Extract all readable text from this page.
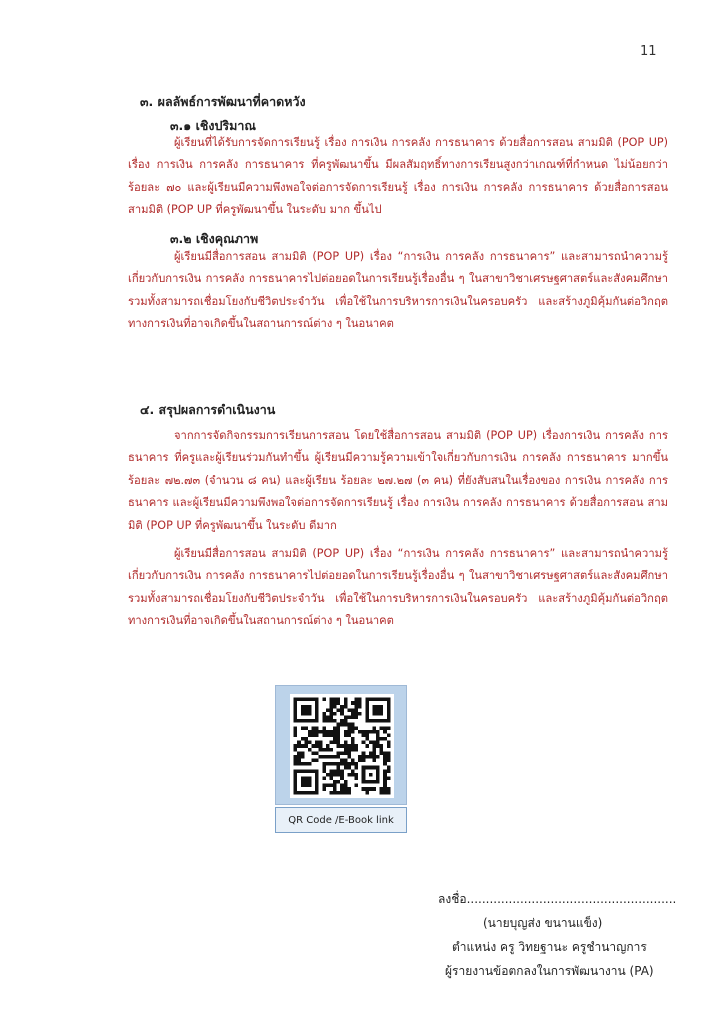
11
๓. ผลลัพธ์การพัฒนาที่คาดหวัง
๓.๑ เชิงปริมาณ

ผู้เรียนที่ได้รับการจัดการเรียนรู้ เรื่อง การเงิน การคลัง การธนาคาร ด้วยสื่อการสอน สามมิติ (POP UP) เรื่อง การเงิน การคลัง การธนาคาร ที่ครูพัฒนาขึ้น มีผลสัมฤทธิ์ทางการเรียนสูงกว่าเกณฑ์ที่กำหนด ไม่น้อยกว่าร้อยละ ๗๐ และผู้เรียนมีความพึงพอใจต่อการจัดการเรียนรู้ เรื่อง การเงิน การคลัง การธนาคาร ด้วยสื่อการสอน สามมิติ (POP UP ที่ครูพัฒนาขึ้น ในระดับ มาก ขึ้นไป

๓.๒ เชิงคุณภาพ

ผู้เรียนมีสื่อการสอน สามมิติ (POP UP) เรื่อง “การเงิน การคลัง การธนาคาร” และสามารถนำความรู้เกี่ยวกับการเงิน การคลัง การธนาคารไปต่อยอดในการเรียนรู้เรื่องอื่น ๆ ในสาขาวิชาเศรษฐศาสตร์และสังคมศึกษา รวมทั้งสามารถเชื่อมโยงกับชีวิตประจำวัน เพื่อใช้ในการบริหารการเงินในครอบครัว และสร้างภูมิคุ้มกันต่อวิกฤตทางการเงินที่อาจเกิดขึ้นในสถานการณ์ต่าง ๆ ในอนาคต

๔. สรุปผลการดำเนินงาน

จากการจัดกิจกรรมการเรียนการสอน โดยใช้สื่อการสอน สามมิติ (POP UP) เรื่องการเงิน การคลัง การธนาคาร ที่ครูและผู้เรียนร่วมกันทำขึ้น ผู้เรียนมีความรู้ความเข้าใจเกี่ยวกับการเงิน การคลัง การธนาคาร มากขึ้น ร้อยละ ๗๒.๗๓ (จำนวน ๘ คน) และผู้เรียน ร้อยละ ๒๗.๒๗ (๓ คน) ที่ยังสับสนในเรื่องของ การเงิน การคลัง การธนาคาร และผู้เรียนมีความพึงพอใจต่อการจัดการเรียนรู้ เรื่อง การเงิน การคลัง การธนาคาร ด้วยสื่อการสอน สามมิติ (POP UP ที่ครูพัฒนาขึ้น ในระดับ ดีมาก

ผู้เรียนมีสื่อการสอน สามมิติ (POP UP) เรื่อง “การเงิน การคลัง การธนาคาร” และสามารถนำความรู้เกี่ยวกับการเงิน การคลัง การธนาคารไปต่อยอดในการเรียนรู้เรื่องอื่น ๆ ในสาขาวิชาเศรษฐศาสตร์และสังคมศึกษา รวมทั้งสามารถเชื่อมโยงกับชีวิตประจำวัน เพื่อใช้ในการบริหารการเงินในครอบครัว และสร้างภูมิคุ้มกันต่อวิกฤตทางการเงินที่อาจเกิดขึ้นในสถานการณ์ต่าง ๆ ในอนาคต

QR Code /E-Book link
ลงชื่อ.......................................................
(นายบุญส่ง ขนานแข็ง)
ตำแหน่ง ครู วิทยฐานะ ครูชำนาญการ
ผู้รายงานข้อตกลงในการพัฒนางาน (PA)
